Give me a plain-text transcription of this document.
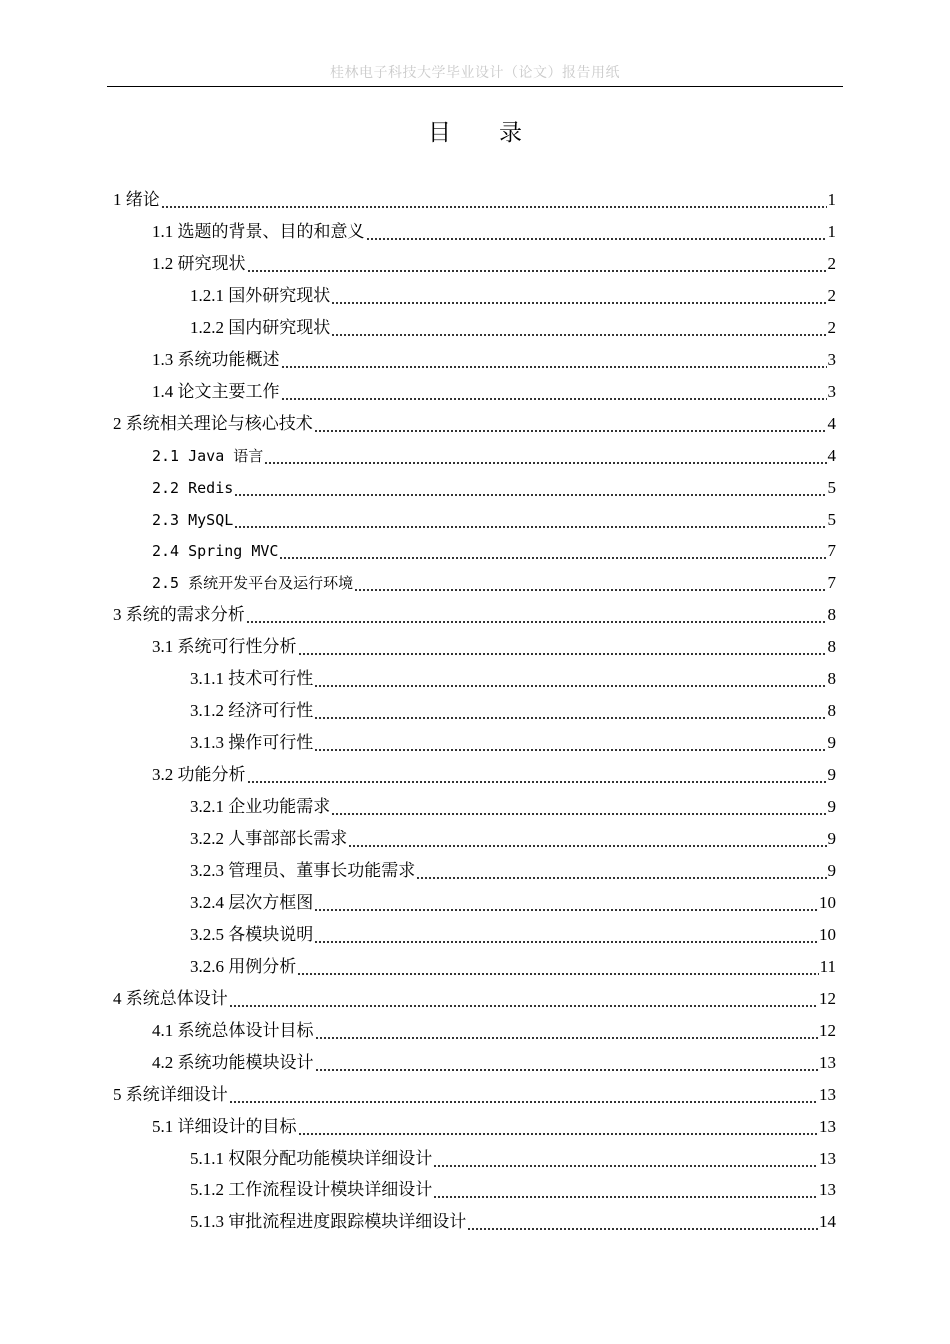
桂林电子科技大学毕业设计（论文）报告用纸
目录
1 绪论	1
1.1 选题的背景、目的和意义	1
1.2 研究现状	2
1.2.1 国外研究现状	2
1.2.2 国内研究现状	2
1.3 系统功能概述	3
1.4 论文主要工作	3
2 系统相关理论与核心技术	4
2.1 Java 语言	4
2.2 Redis	5
2.3 MySQL	5
2.4 Spring MVC	7
2.5 系统开发平台及运行环境	7
3 系统的需求分析	8
3.1 系统可行性分析	8
3.1.1 技术可行性	8
3.1.2 经济可行性	8
3.1.3 操作可行性	9
3.2 功能分析	9
3.2.1 企业功能需求	9
3.2.2 人事部部长需求	9
3.2.3 管理员、董事长功能需求	9
3.2.4 层次方框图	10
3.2.5 各模块说明	10
3.2.6 用例分析	11
4 系统总体设计	12
4.1 系统总体设计目标	12
4.2 系统功能模块设计	13
5 系统详细设计	13
5.1 详细设计的目标	13
5.1.1 权限分配功能模块详细设计	13
5.1.2 工作流程设计模块详细设计	13
5.1.3 审批流程进度跟踪模块详细设计	14
